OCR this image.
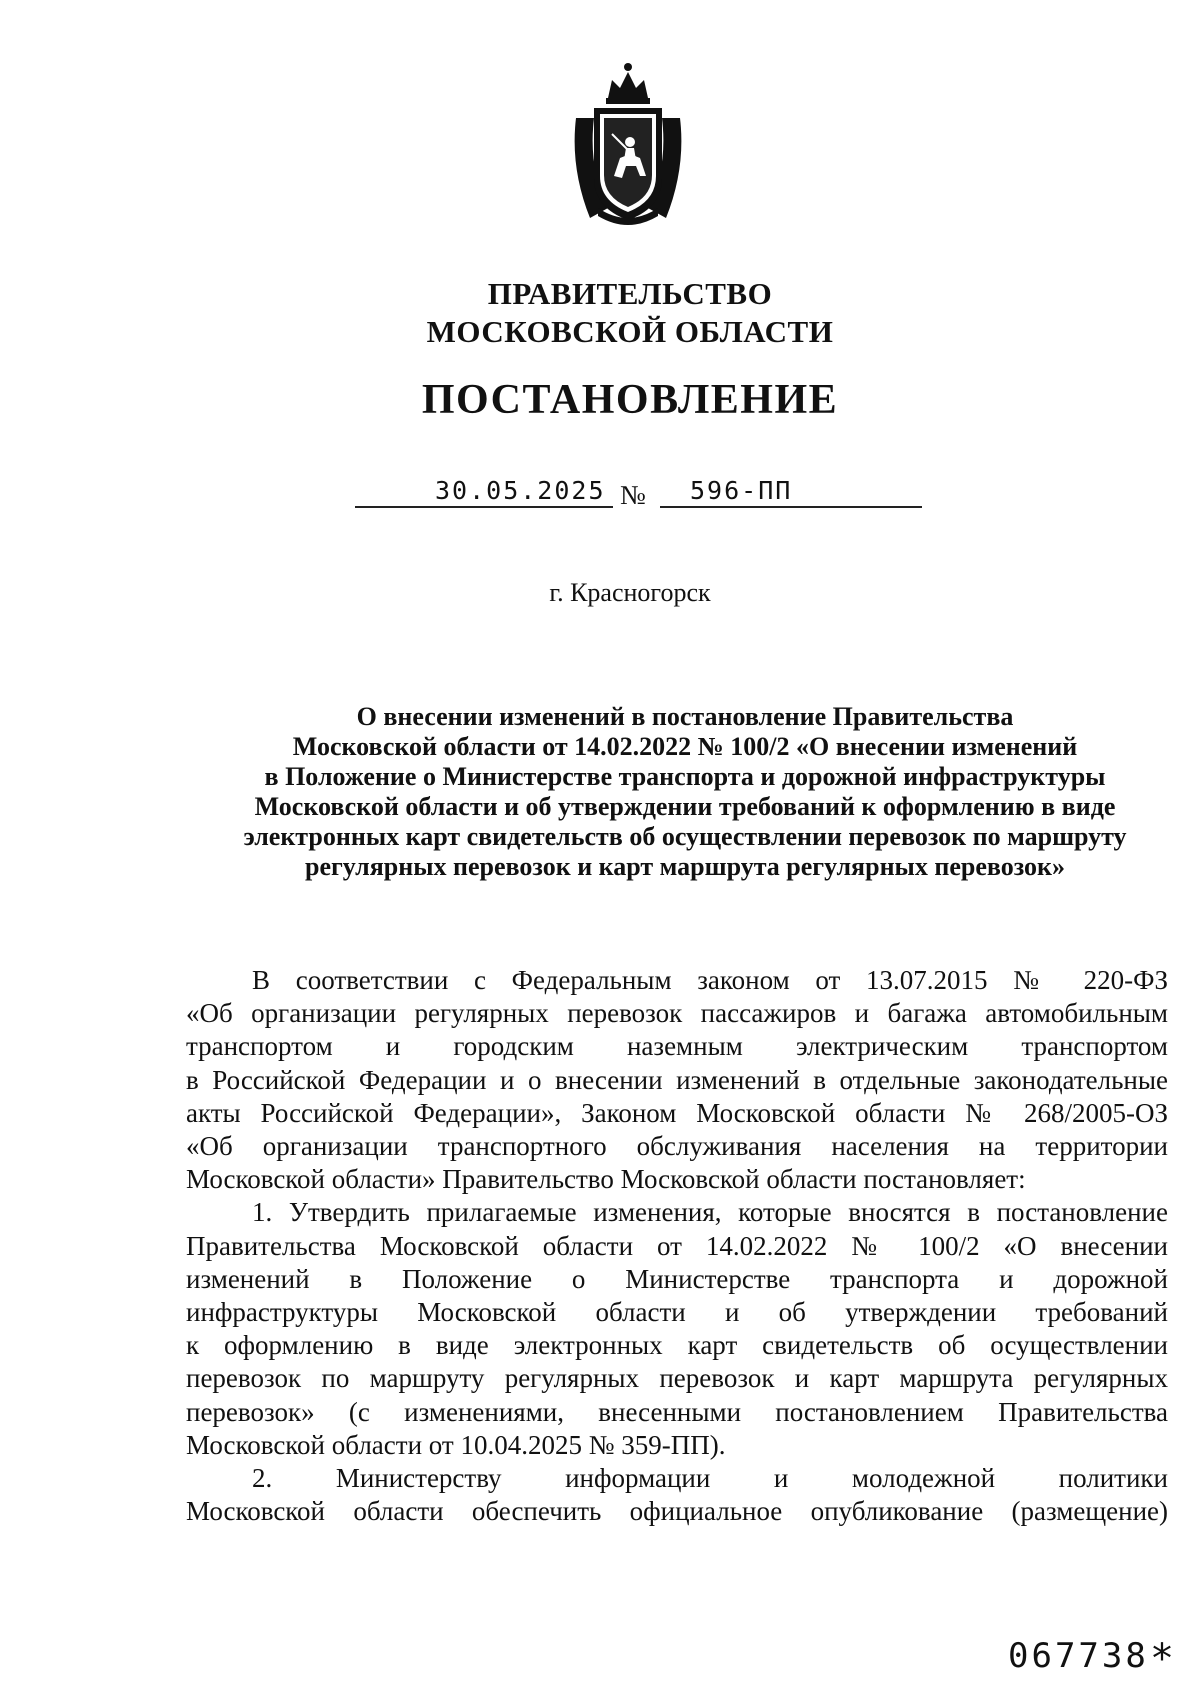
ПРАВИТЕЛЬСТВО
МОСКОВСКОЙ ОБЛАСТИ
ПОСТАНОВЛЕНИЕ
30.05.2025 № 596-ПП
г. Красногорск
О внесении изменений в постановление Правительства
Московской области от 14.02.2022 № 100/2 «О внесении изменений
в Положение о Министерстве транспорта и дорожной инфраструктуры
Московской области и об утверждении требований к оформлению в виде
электронных карт свидетельств об осуществлении перевозок по маршруту
регулярных перевозок и карт маршрута регулярных перевозок»
В соответствии с Федеральным законом от 13.07.2015 № 220-ФЗ
«Об организации регулярных перевозок пассажиров и багажа автомобильным
транспортом и городским наземным электрическим транспортом
в Российской Федерации и о внесении изменений в отдельные законодательные
акты Российской Федерации», Законом Московской области № 268/2005-ОЗ
«Об организации транспортного обслуживания населения на территории
Московской области» Правительство Московской области постановляет:
1. Утвердить прилагаемые изменения, которые вносятся в постановление
Правительства Московской области от 14.02.2022 № 100/2 «О внесении
изменений в Положение о Министерстве транспорта и дорожной
инфраструктуры Московской области и об утверждении требований
к оформлению в виде электронных карт свидетельств об осуществлении
перевозок по маршруту регулярных перевозок и карт маршрута регулярных
перевозок» (с изменениями, внесенными постановлением Правительства
Московской области от 10.04.2025 № 359-ПП).
2. Министерству информации и молодежной политики
Московской области обеспечить официальное опубликование (размещение)
067738 *
